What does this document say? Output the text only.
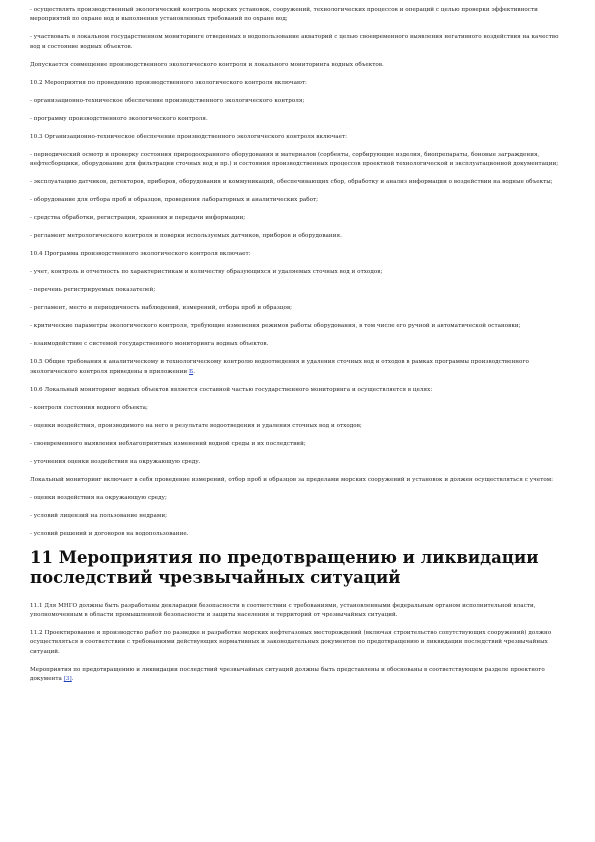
- осуществлять производственный экологический контроль морских установок, сооружений, технологических процессов и операций с целью проверки эффективности мероприятий по охране вод и выполнения установленных требований по охране вод;

- участвовать в локальном государственном мониторинге отведенных в водопользование акваторий с целью своевременного выявления негативного воздействия на качество вод и состояние водных объектов.

Допускается совмещение производственного экологического контроля и локального мониторинга водных объектов.

10.2 Мероприятия по проведению производственного экологического контроля включают:

- организационно-техническое обеспечение производственного экологического контроля;

- программу производственного экологического контроля.

10.3 Организационно-техническое обеспечение производственного экологического контроля включает:

- периодический осмотр и проверку состояния природоохранного оборудования и материалов (сорбенты, сорбирующие изделия, биопрепараты, боновые заграждения, нефтесборщики, оборудование для фильтрации сточных вод и пр.) и состояния производственных процессов проектной технологической и эксплуатационной документации;

- эксплуатацию датчиков, детекторов, приборов, оборудования и коммуникаций, обеспечивающих сбор, обработку и анализ информации о воздействии на водные объекты;

- оборудование для отбора проб и образцов, проведения лабораторных и аналитических работ;

- средства обработки, регистрации, хранения и передачи информации;

- регламент метрологического контроля и поверки используемых датчиков, приборов и оборудования.

10.4 Программа производственного экологического контроля включает:

- учет, контроль и отчетность по характеристикам и количеству образующихся и удаляемых сточных вод и отходов;

- перечень регистрируемых показателей;

- регламент, место и периодичность наблюдений, измерений, отбора проб и образцов;

- критические параметры экологического контроля, требующие изменения режимов работы оборудования, в том числе его ручной и автоматической остановки;

- взаимодействие с системой государственного мониторинга водных объектов.

10.5 Общие требования к аналитическому и технологическому контролю водоотведения и удаления сточных вод и отходов в рамках программы производственного экологического контроля приведены в приложении Б.

10.6 Локальный мониторинг водных объектов является составной частью государственного мониторинга и осуществляется в целях:

- контроля состояния водного объекта;

- оценки воздействия, производимого на него в результате водоотведения и удаления сточных вод и отходов;

- своевременного выявления неблагоприятных изменений водной среды и их последствий;

- уточнения оценки воздействия на окружающую среду.

Локальный мониторинг включает в себя проведение измерений, отбор проб и образцов за пределами морских сооружений и установок и должен осуществляться с учетом:

- оценки воздействия на окружающую среду;

- условий лицензий на пользование недрами;

- условий решений и договоров на водопользование.

11 Мероприятия по предотвращению и ликвидации последствий чрезвычайных ситуаций

11.1 Для МНГО должны быть разработаны декларации безопасности в соответствии с требованиями, установленными федеральным органом исполнительной власти, уполномоченным в области промышленной безопасности и защиты населения и территорий от чрезвычайных ситуаций.

11.2 Проектирование и производство работ по разведке и разработке морских нефтегазовых месторождений (включая строительство сопутствующих сооружений) должно осуществляться в соответствии с требованиями действующих нормативных и законодательных документов по предотвращению и ликвидации последствий чрезвычайных ситуаций.

Мероприятия по предотвращению и ликвидации последствий чрезвычайных ситуаций должны быть представлены и обоснованы в соответствующем разделе проектного документа [3].
